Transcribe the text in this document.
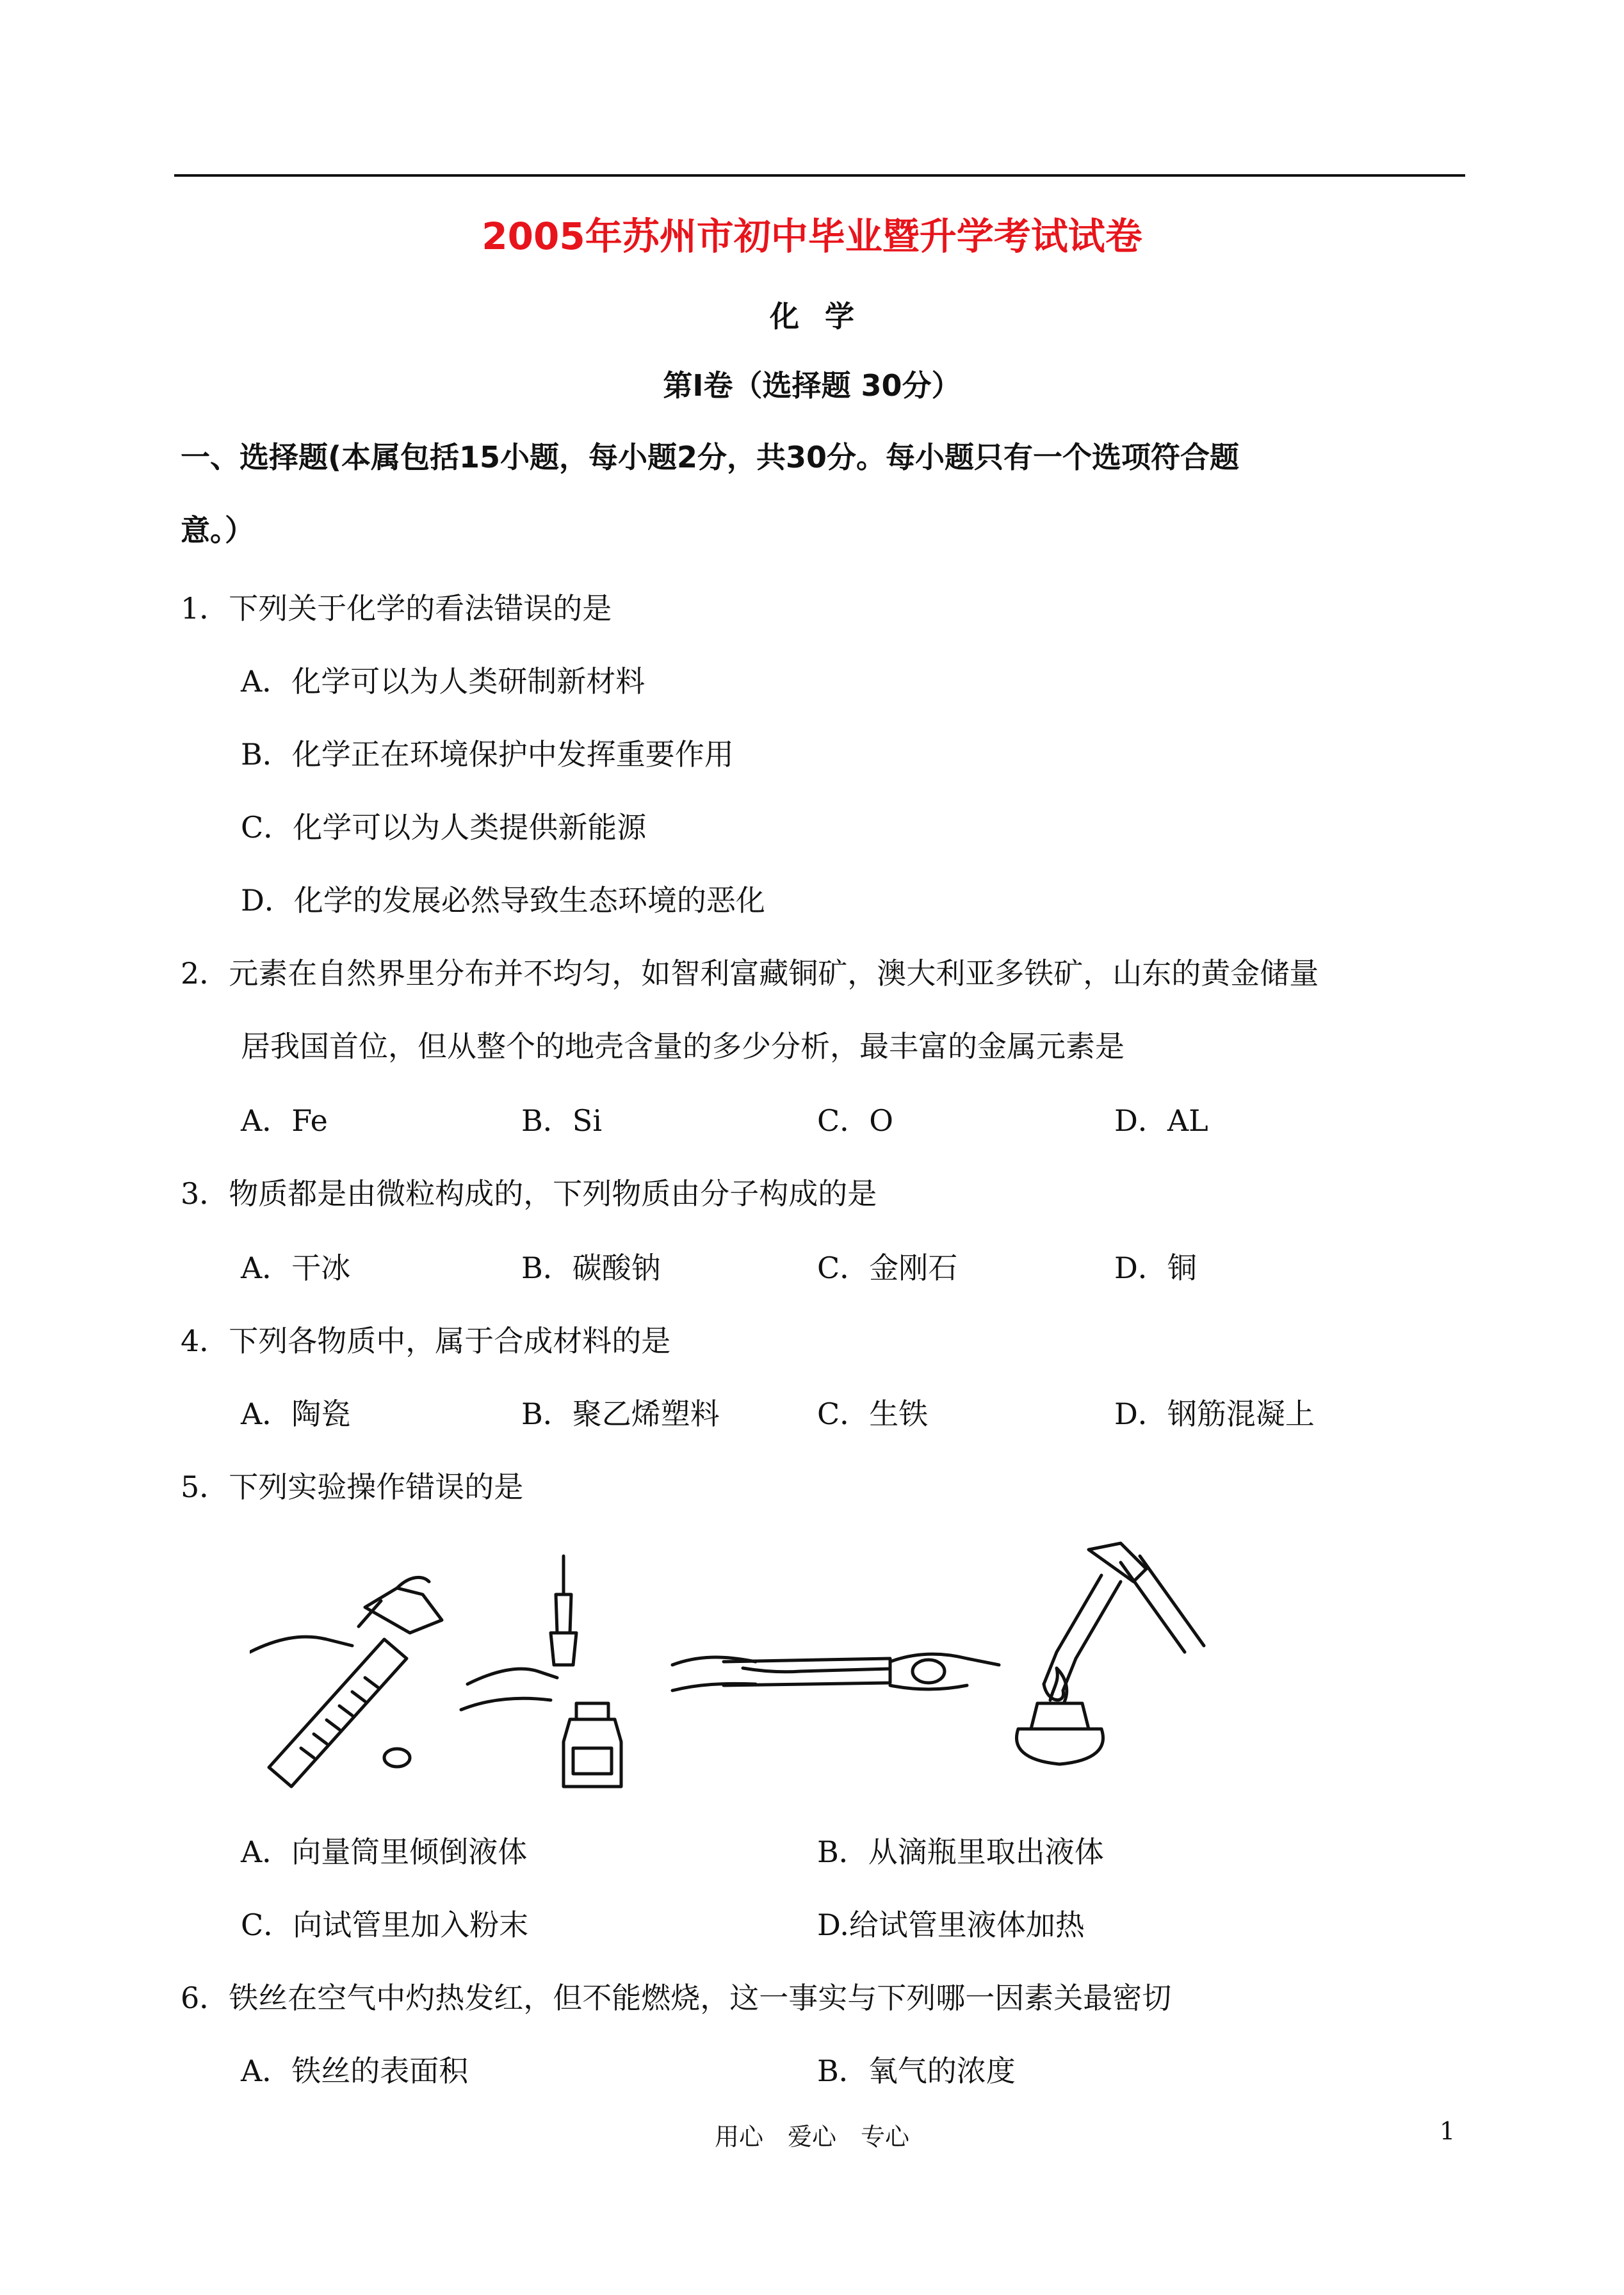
2005年苏州市初中毕业暨升学考试试卷
化学
第Ⅰ卷（选择题 30分）
一、选择题(本属包括15小题，每小题2分，共30分。每小题只有一个选项符合题
意。）
1．下列关于化学的看法错误的是
A．化学可以为人类研制新材料
B．化学正在环境保护中发挥重要作用
C．化学可以为人类提供新能源
D．化学的发展必然导致生态环境的恶化
2．元素在自然界里分布并不均匀，如智利富藏铜矿，澳大利亚多铁矿，山东的黄金储量
居我国首位，但从整个的地壳含量的多少分析，最丰富的金属元素是
A．Fe	B．Si	C．O	D．AL
3．物质都是由微粒构成的，下列物质由分子构成的是
A．干冰	B．碳酸钠	C．金刚石	D．铜
4．下列各物质中，属于合成材料的是
A．陶瓷	B．聚乙烯塑料	C．生铁	D．钢筋混凝上
5．下列实验操作错误的是
A．向量筒里倾倒液体	B．从滴瓶里取出液体
C．向试管里加入粉末	D.给试管里液体加热
6．铁丝在空气中灼热发红，但不能燃烧，这一事实与下列哪一因素关最密切
A．铁丝的表面积	B．氧气的浓度
用心　爱心　专心	1
